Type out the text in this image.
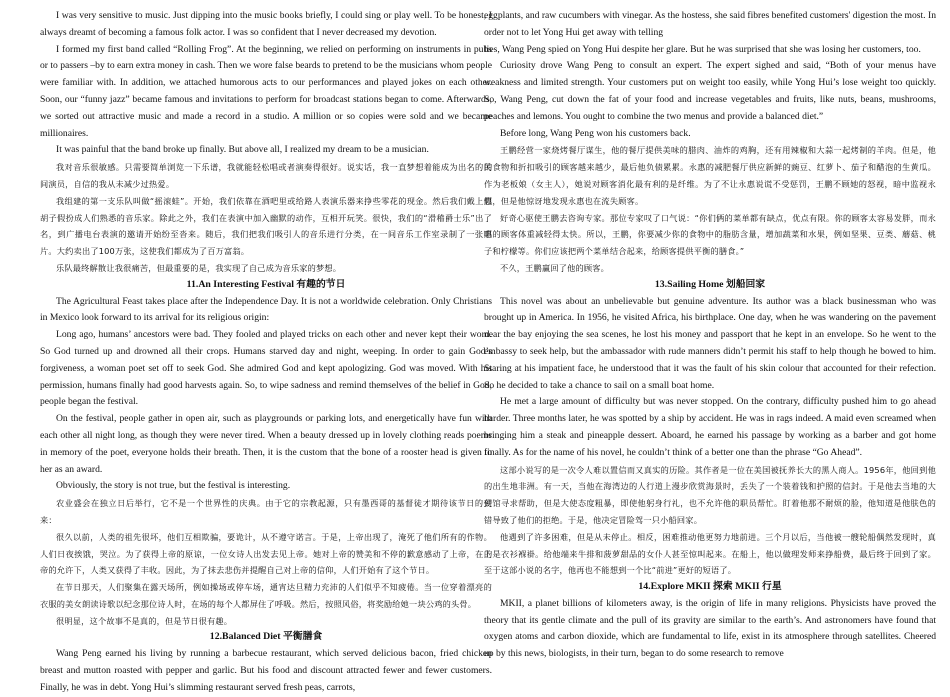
I was very sensitive to music. Just dipping into the music books briefly, I could sing or play well. To be honest, I always dreamt of becoming a famous folk actor. I was so confident that I never decreased my devotion.

I formed my first band called “Rolling Frog”. At the beginning, we relied on performing on instruments in pubs or to passers –by to earn extra money in cash. Then we wore false beards to pretend to be the musicians whom people were familiar with. In addition, we attached humorous acts to our performances and played jokes on each other. Soon, our “funny jazz” became famous and invitations to perform for broadcast stations began to come. Afterwards, we sorted out attractive music and made a record in a studio. A million or so copies were sold and we became millionaires.

It was painful that the band broke up finally. But above all, I realized my dream to be a musician.

我对音乐很敏感。只需要简单浏览一下乐谱，我就能轻松唱或者演奏得很好。说实话，我一直梦想着能成为出名的民间演员，自信的我从未减少过热爱。

我组建的第一支乐队叫做“摇滚蛙”。开始，我们依靠在酒吧里或给路人表演乐器来挣些零花的现金。然后我们戴上假胡子假扮成人们熟悉的音乐家。除此之外，我们在表演中加入幽默的动作，互相开玩笑。很快，我们的“滑稽爵士乐”出了名，到广播电台表演的邀请开始纷至沓来。随后，我们把我们吸引人的音乐进行分类，在一间音乐工作室录制了一张唱片。大约卖出了100万张，这使我们都成为了百万富翁。

乐队最终解散让我很痛苦，但最重要的是，我实现了自己成为音乐家的梦想。

11.An Interesting Festival 有趣的节日

The Agricultural Feast takes place after the Independence Day. It is not a worldwide celebration. Only Christians in Mexico look forward to its arrival for its religious origin:

Long ago, humans’ ancestors were bad. They fooled and played tricks on each other and never kept their word. So God turned up and drowned all their crops. Humans starved day and night, weeping. In order to gain God’s forgiveness, a woman poet set off to seek God. She admired God and kept apologizing. God was moved. With his permission, humans finally had good harvests again. So, to wipe sadness and remind themselves of the belief in God, people began the festival.

On the festival, people gather in open air, such as playgrounds or parking lots, and energetically have fun with each other all night long, as though they were never tired. When a beauty dressed up in lovely clothing reads poems in memory of the poet, everyone holds their breath. Then, it is the custom that the bone of a rooster head is given to her as an award.

Obviously, the story is not true, but the festival is interesting.

农业盛会在独立日后举行，它不是一个世界性的庆典。由于它的宗教起源，只有墨西哥的基督徒才期待该节日的到来：

很久以前，人类的祖先很坏，他们互相欺骗，要诡计，从不遵守诺言。于是，上帝出现了，淹死了他们所有的作物。人们日夜挨饿，哭泣。为了获得上帝的原谅，一位女诗人出发去见上帝。她对上帝的赞美和不停的歉意感动了上帝，在上帝的允许下，人类又获得了丰收。因此，为了抹去悲伤并提醒自己对上帝的信仰，人们开始有了这个节日。

在节日那天，人们聚集在露天场所，例如操场或停车场，通宵达旦精力充沛的人们似乎不知疲倦。当一位穿着漂亮的衣服的美女朗读诗歌以纪念那位诗人时，在场的每个人都屏住了呼吸。然后，按照风俗，将奖励给她一块公鸡的头骨。

很明显，这个故事不是真的，但是节日很有趣。

12.Balanced Diet 平衡膳食

Wang Peng earned his living by running a barbecue restaurant, which served delicious bacon, fried chicken breast and mutton roasted with pepper and garlic. But his food and discount attracted fewer and fewer customers. Finally, he was in debt. Yong Hui’s slimming restaurant served fresh peas, carrots,

eggplants, and raw cucumbers with vinegar. As the hostess, she said fibres benefited customers' digestion the most. In order not to let Yong Hui get away with telling

lies, Wang Peng spied on Yong Hui despite her glare. But he was surprised that she was losing her customers, too.

Curiosity drove Wang Peng to consult an expert. The expert sighed and said, “Both of your menus have weakness and limited strength. Your customers put on weight too easily, while Yong Hui’s lose weight too quickly. So, Wang Peng, cut down the fat of your food and increase vegetables and fruits, like nuts, beans, mushrooms, peaches and lemons. You ought to combine the two menus and provide a balanced diet.”

Before long, Wang Peng won his customers back.

王鹏经营一家烧烤餐厅谋生，他的餐厅提供美味的腊肉、油炸的鸡胸，还有用辣椒和大蒜一起烤制的羊肉。但是，他的食物和折扣吸引的顾客越来越少，最后他负债累累。永惠的减肥餐厅供应新鲜的豌豆、红萝卜、茄子和醋泡的生黄瓜。作为老板娘（女主人），她说对顾客消化最有利的是纤维。为了不让永惠说谎不受惩罚，王鹏不顾她的怒视，暗中监视永惠，但是他惊讶地发现永惠也在流失顾客。

好奇心驱使王鹏去咨询专家。那位专家叹了口气说：“你们俩的菜单都有缺点，优点有限。你的顾客太容易发胖，而永惠的顾客体重减轻得太快。所以，王鹏，你要减少你的食物中的脂肪含量，增加蔬菜和水果，例如坚果、豆类、蘑菇、桃子和柠檬等。你们应该把两个菜单结合起来，给顾客提供平衡的膳食。”

不久，王鹏赢回了他的顾客。

13.Sailing Home 划船回家

This novel was about an unbelievable but genuine adventure. Its author was a black businessman who was brought up in America. In 1956, he visited Africa, his birthplace. One day, when he was wandering on the pavement near the bay enjoying the sea scenes, he lost his money and passport that he kept in an envelope. So he went to the embassy to seek help, but the ambassador with rude manners didn’t permit his staff to help though he bowed to him. Staring at his impatient face, he understood that it was the fault of his skin colour that accounted for their refection. So he decided to take a chance to sail on a small boat home.

He met a large amount of difficulty but was never stopped. On the contrary, difficulty pushed him to go ahead harder. Three months later, he was spotted by a ship by accident. He was in rags indeed. A maid even screamed when bringing him a steak and pineapple dessert. Aboard, he earned his passage by working as a barber and got home finally. As for the name of his novel, he couldn’t think of a better one than the phrase “Go Ahead”.

这部小说写的是一次令人难以置信而又真实的历险。其作者是一位在美国被抚养长大的黑人商人。1956年，他回到他的出生地非洲。有一天，当他在海湾边的人行道上漫步欣赏海景时，丢失了一个装着钱和护照的信封。于是他去当地的大使馆寻求帮助，但是大使态度粗暴，即使他躬身行礼，也不允许他的职员帮忙。盯着他那不耐烦的脸，他知道是他肤色的错导致了他们的拒绝。于是，他决定冒险驾一只小船回家。

他遇到了许多困难，但是从未停止。相反，困难推动他更努力地前进。三个月以后，当他被一艘轮船偶然发现时，真的是衣衫褓褂。给他端来牛排和菠萝甜品的女仆人甚至惊叫起来。在船上，他以做理发师来挣船费，最后终于回到了家。至于这部小说的名字，他再也不能想到一个比“前进”更好的短语了。

14.Explore MKII 探索 MKII 行星

MKII, a planet billions of kilometers away, is the origin of life in many religions. Physicists have proved the theory that its gentle climate and the pull of its gravity are similar to the earth’s. And astronomers have found that oxygen atoms and carbon dioxide, which are fundamental to life, exist in its atmosphere through satellites. Cheered up by this news, biologists, in their turn, began to do some research to remove
